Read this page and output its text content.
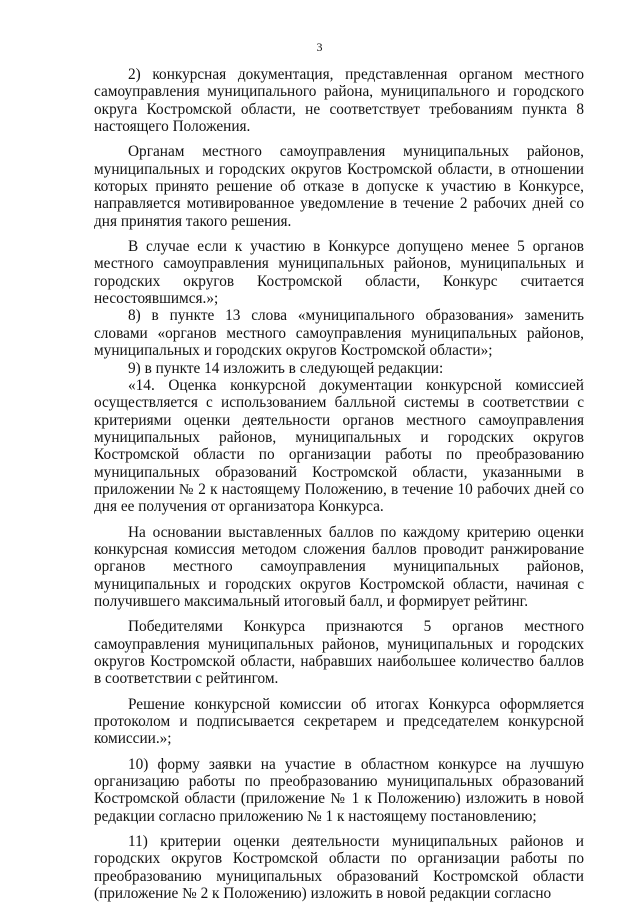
3

2) конкурсная документация, представленная органом местного самоуправления муниципального района, муниципального и городского округа Костромской области, не соответствует требованиям пункта 8 настоящего Положения.

Органам местного самоуправления муниципальных районов, муниципальных и городских округов Костромской области, в отношении которых принято решение об отказе в допуске к участию в Конкурсе, направляется мотивированное уведомление в течение 2 рабочих дней со дня принятия такого решения.

В случае если к участию в Конкурсе допущено менее 5 органов местного самоуправления муниципальных районов, муниципальных и городских округов Костромской области, Конкурс считается несостоявшимся.»;

8) в пункте 13 слова «муниципального образования» заменить словами «органов местного самоуправления муниципальных районов, муниципальных и городских округов Костромской области»;

9) в пункте 14 изложить в следующей редакции:

«14. Оценка конкурсной документации конкурсной комиссией осуществляется с использованием балльной системы в соответствии с критериями оценки деятельности органов местного самоуправления муниципальных районов, муниципальных и городских округов Костромской области по организации работы по преобразованию муниципальных образований Костромской области, указанными в приложении № 2 к настоящему Положению, в течение 10 рабочих дней со дня ее получения от организатора Конкурса.

На основании выставленных баллов по каждому критерию оценки конкурсная комиссия методом сложения баллов проводит ранжирование органов местного самоуправления муниципальных районов, муниципальных и городских округов Костромской области, начиная с получившего максимальный итоговый балл, и формирует рейтинг.

Победителями Конкурса признаются 5 органов местного самоуправления муниципальных районов, муниципальных и городских округов Костромской области, набравших наибольшее количество баллов в соответствии с рейтингом.

Решение конкурсной комиссии об итогах Конкурса оформляется протоколом и подписывается секретарем и председателем конкурсной комиссии.»;

10) форму заявки на участие в областном конкурсе на лучшую организацию работы по преобразованию муниципальных образований Костромской области (приложение № 1 к Положению) изложить в новой редакции согласно приложению № 1 к настоящему постановлению;

11) критерии оценки деятельности муниципальных районов и городских округов Костромской области по организации работы по преобразованию муниципальных образований Костромской области (приложение № 2 к Положению) изложить в новой редакции согласно
